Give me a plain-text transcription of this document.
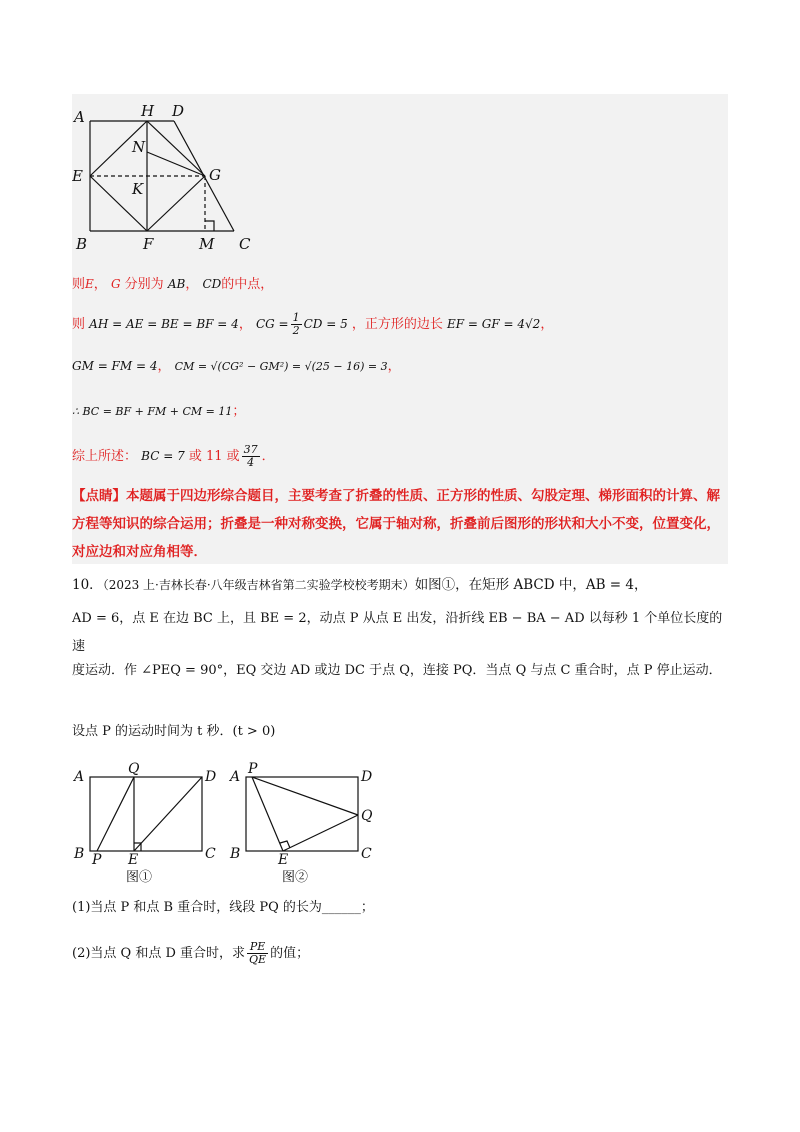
A	H D
N
E	G
K
B	F	M C
则E， G 分别为 AB， CD的中点，
则 AH = AE = BE = BF = 4， CG = $\frac{1}{2}$ CD = 5 ，正方形的边长 EF = GF = 4√2，
GM = FM = 4， CM = √(CG² − GM²) = √(25 − 16) = 3，
∴ BC = BF + FM + CM = 11；
综上所述： BC = 7 或 11 或 $\frac{37}{4}$ ．
【点睛】本题属于四边形综合题目，主要考查了折叠的性质、正方形的性质、勾股定理、梯形面积的计算、解方程等知识的综合运用；折叠是一种对称变换，它属于轴对称，折叠前后图形的形状和大小不变，位置变化，对应边和对应角相等．
10．（2023 上·吉林长春·八年级吉林省第二实验学校校考期末）如图①，在矩形 ABCD 中，AB = 4，
AD = 6，点 E 在边 BC 上，且 BE = 2，动点 P 从点 E 出发，沿折线 EB − BA − AD 以每秒 1 个单位长度的速
度运动．作 ∠PEQ = 90°，EQ 交边 AD 或边 DC 于点 Q，连接 PQ．当点 Q 与点 C 重合时，点 P 停止运动．
设点 P 的运动时间为 t 秒．(t > 0)
A	Q	D
B P E	C
图①
A P	D
Q
B	E	C
图②
(1)当点 P 和点 B 重合时，线段 PQ 的长为______；
(2)当点 Q 和点 D 重合时，求 $\frac{PE}{QE}$ 的值；
